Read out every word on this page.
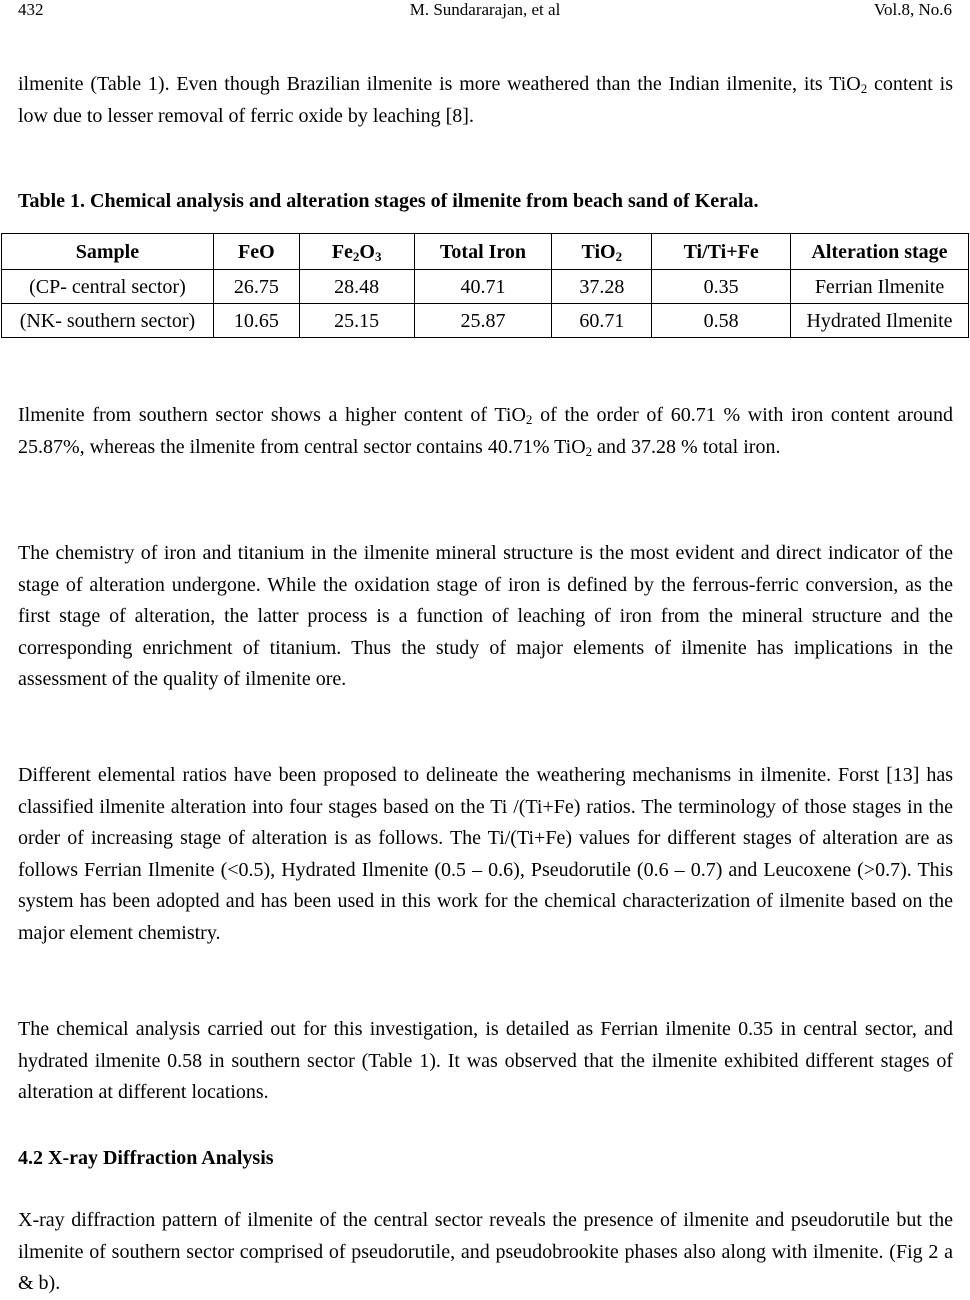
432	M. Sundararajan, et al	Vol.8, No.6

ilmenite (Table 1). Even though Brazilian ilmenite is more weathered than the Indian ilmenite, its TiO$_2$ content is low due to lesser removal of ferric oxide by leaching [8].

Table 1. Chemical analysis and alteration stages of ilmenite from beach sand of Kerala.
Sample	FeO	$Fe_2O_3$	Total Iron	TiO$_2$	Ti/Ti+Fe	Alteration stage
(CP- central sector)	26.75	28.48	40.71	37.28	0.35	Ferrian Ilmenite
(NK- southern sector)	10.65	25.15	25.87	60.71	0.58	Hydrated Ilmenite

Ilmenite from southern sector shows a higher content of TiO$_2$ of the order of 60.71 % with iron content around 25.87%, whereas the ilmenite from central sector contains 40.71% TiO$_2$ and 37.28 % total iron.

The chemistry of iron and titanium in the ilmenite mineral structure is the most evident and direct indicator of the stage of alteration undergone. While the oxidation stage of iron is defined by the ferrous-ferric conversion, as the first stage of alteration, the latter process is a function of leaching of iron from the mineral structure and the corresponding enrichment of titanium. Thus the study of major elements of ilmenite has implications in the assessment of the quality of ilmenite ore.

Different elemental ratios have been proposed to delineate the weathering mechanisms in ilmenite. Forst [13] has classified ilmenite alteration into four stages based on the Ti /(Ti+Fe) ratios. The terminology of those stages in the order of increasing stage of alteration is as follows. The Ti/(Ti+Fe) values for different stages of alteration are as follows Ferrian Ilmenite (<0.5), Hydrated Ilmenite (0.5 – 0.6), Pseudorutile (0.6 – 0.7) and Leucoxene (>0.7). This system has been adopted and has been used in this work for the chemical characterization of ilmenite based on the major element chemistry.

The chemical analysis carried out for this investigation, is detailed as Ferrian ilmenite 0.35 in central sector, and hydrated ilmenite 0.58 in southern sector (Table 1). It was observed that the ilmenite exhibited different stages of alteration at different locations.

4.2 X-ray Diffraction Analysis

X-ray diffraction pattern of ilmenite of the central sector reveals the presence of ilmenite and pseudorutile but the ilmenite of southern sector comprised of pseudorutile, and pseudobrookite phases also along with ilmenite. (Fig 2 a & b).
